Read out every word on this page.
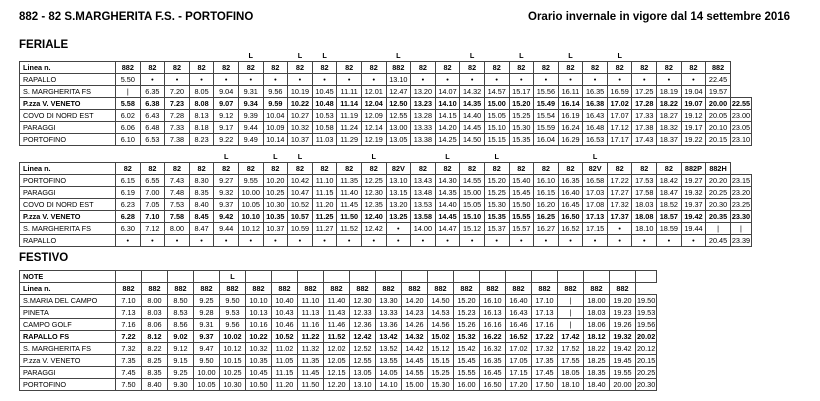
882 - 82 S.MARGHERITA F.S. - PORTOFINO	Orario invernale in vigore dal 14 settembre 2016
FERIALE
						L		L	L			L			L		L		L		L					
Linea n.	882	82	82	82	82	82	82	82	82	82	82	882	82	82	82	82	82	82	82	82	82	82	82	82	882	
RAPALLO	5.50	•	•	•	•	•	•	•	•	•	•	13.10	•	•	•	•	•	•	•	•	•	•	•	•	22.45	
S. MARGHERITA FS	|	6.35	7.20	8.05	9.04	9.31	9.56	10.19	10.45	11.11	12.01	12.47	13.20	14.07	14.32	14.57	15.17	15.56	16.11	16.35	16.59	17.25	18.19	19.04	19.57	
P.zza V. VENETO	5.58	6.38	7.23	8.08	9.07	9.34	9.59	10.22	10.48	11.14	12.04	12.50	13.23	14.10	14.35	15.00	15.20	15.49	16.14	16.38	17.02	17.28	18.22	19.07	20.00	22.55
COVO DI NORD EST	6.02	6.43	7.28	8.13	9.12	9.39	10.04	10.27	10.53	11.19	12.09	12.55	13.28	14.15	14.40	15.05	15.25	15.54	16.19	16.43	17.07	17.33	18.27	19.12	20.05	23.00
PARAGGI	6.06	6.48	7.33	8.18	9.17	9.44	10.09	10.32	10.58	11.24	12.14	13.00	13.33	14.20	14.45	15.10	15.30	15.59	16.24	16.48	17.12	17.38	18.32	19.17	20.10	23.05
PORTOFINO	6.10	6.53	7.38	8.23	9.22	9.49	10.14	10.37	11.03	11.29	12.19	13.05	13.38	14.25	14.50	15.15	15.35	16.04	16.29	16.53	17.17	17.43	18.37	19.22	20.15	23.10
					L		L	L			L			L		L				L						
Linea n.	82	82	82	82	82	82	82	82	82	82	82	82V	82	82	82	82	82	82	82	82V	82	82	82	882P	882H	
PORTOFINO	6.15	6.55	7.43	8.30	9.27	9.55	10.20	10.42	11.10	11.35	12.25	13.10	13.43	14.30	14.55	15.20	15.40	16.10	16.35	16.58	17.22	17.53	18.42	19.27	20.20	23.15
PARAGGI	6.19	7.00	7.48	8.35	9.32	10.00	10.25	10.47	11.15	11.40	12.30	13.15	13.48	14.35	15.00	15.25	15.45	16.15	16.40	17.03	17.27	17.58	18.47	19.32	20.25	23.20
COVO DI NORD EST	6.23	7.05	7.53	8.40	9.37	10.05	10.30	10.52	11.20	11.45	12.35	13.20	13.53	14.40	15.05	15.30	15.50	16.20	16.45	17.08	17.32	18.03	18.52	19.37	20.30	23.25
P.zza V. VENETO	6.28	7.10	7.58	8.45	9.42	10.10	10.35	10.57	11.25	11.50	12.40	13.25	13.58	14.45	15.10	15.35	15.55	16.25	16.50	17.13	17.37	18.08	18.57	19.42	20.35	23.30
S. MARGHERITA FS	6.30	7.12	8.00	8.47	9.44	10.12	10.37	10.59	11.27	11.52	12.42	•	14.00	14.47	15.12	15.37	15.57	16.27	16.52	17.15	•	18.10	18.59	19.44	|	|
RAPALLO	•	•	•	•	•	•	•	•	•	•	•	•	•	•	•	•	•	•	•	•	•	•	•	•	20.45	23.39
FESTIVO
NOTE					L																
Linea n.	882	882	882	882	882	882	882	882	882	882	882	882	882	882	882	882	882	882	882	882	
S.MARIA DEL CAMPO	7.10	8.00	8.50	9.25	9.50	10.10	10.40	11.10	11.40	12.30	13.30	14.20	14.50	15.20	16.10	16.40	17.10	|	18.00	19.20	19.50
PINETA	7.13	8.03	8.53	9.28	9.53	10.13	10.43	11.13	11.43	12.33	13.33	14.23	14.53	15.23	16.13	16.43	17.13	|	18.03	19.23	19.53
CAMPO GOLF	7.16	8.06	8.56	9.31	9.56	10.16	10.46	11.16	11.46	12.36	13.36	14.26	14.56	15.26	16.16	16.46	17.16	|	18.06	19.26	19.56
RAPALLO FS	7.22	8.12	9.02	9.37	10.02	10.22	10.52	11.22	11.52	12.42	13.42	14.32	15.02	15.32	16.22	16.52	17.22	17.42	18.12	19.32	20.02
S. MARGHERITA FS	7.32	8.22	9.12	9.47	10.12	10.32	11.02	11.32	12.02	12.52	13.52	14.42	15.12	15.42	16.32	17.02	17.32	17.52	18.22	19.42	20.12
P.zza V. VENETO	7.35	8.25	9.15	9.50	10.15	10.35	11.05	11.35	12.05	12.55	13.55	14.45	15.15	15.45	16.35	17.05	17.35	17.55	18.25	19.45	20.15
PARAGGI	7.45	8.35	9.25	10.00	10.25	10.45	11.15	11.45	12.15	13.05	14.05	14.55	15.25	15.55	16.45	17.15	17.45	18.05	18.35	19.55	20.25
PORTOFINO	7.50	8.40	9.30	10.05	10.30	10.50	11.20	11.50	12.20	13.10	14.10	15.00	15.30	16.00	16.50	17.20	17.50	18.10	18.40	20.00	20.30
